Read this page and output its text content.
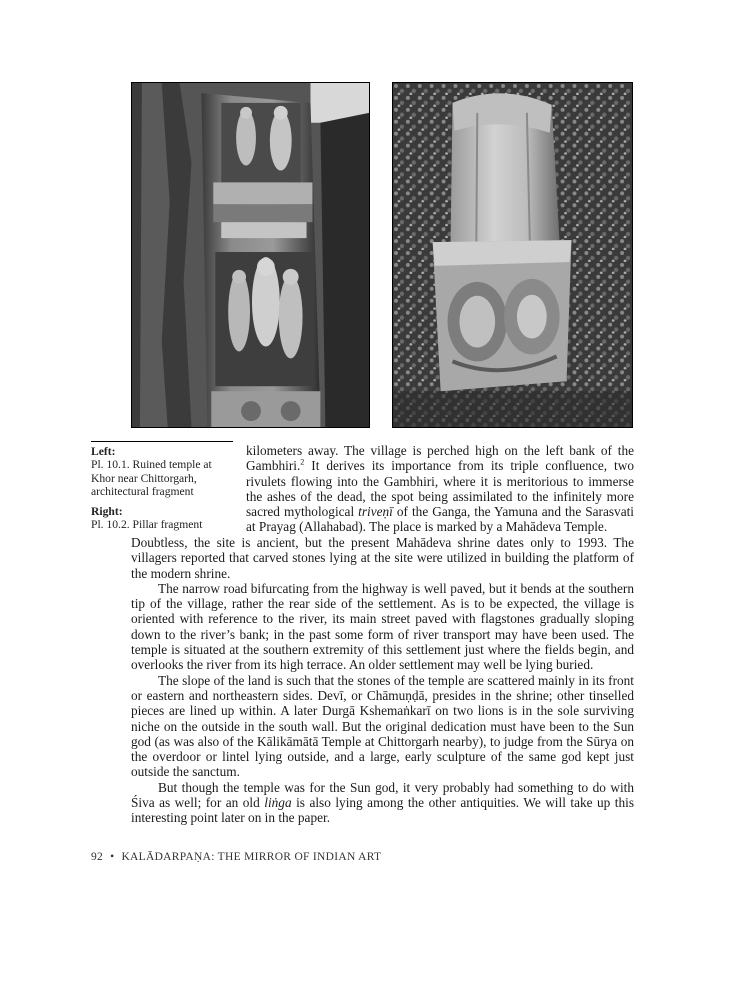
Left:
Pl. 10.1. Ruined temple at
Khor near Chittorgarh,
architectural fragment
Right:
Pl. 10.2. Pillar fragment
kilometers away. The village is perched high on the left bank of the
Gambhiri.$^2$ It derives its importance from its triple confluence, two
rivulets flowing into the Gambhiri, where it is meritorious to immerse
the ashes of the dead, the spot being assimilated to the infinitely more
sacred mythological triveṇī of the Ganga, the Yamuna and the Sarasvati
at Prayag (Allahabad). The place is marked by a Mahādeva Temple.

Doubtless, the site is ancient, but the present Mahādeva shrine dates only to 1993. The villagers reported that carved stones lying at the site were utilized in building the platform of the modern shrine.

The narrow road bifurcating from the highway is well paved, but it bends at the southern tip of the village, rather the rear side of the settlement. As is to be expected, the village is oriented with reference to the river, its main street paved with flagstones gradually sloping down to the river’s bank; in the past some form of river transport may have been used. The temple is situated at the southern extremity of this settlement just where the fields begin, and overlooks the river from its high terrace. An older settlement may well be lying buried.

The slope of the land is such that the stones of the temple are scattered mainly in its front or eastern and northeastern sides. Devī, or Chāmuṇḍā, presides in the shrine; other tinselled pieces are lined up within. A later Durgā Kshemaṅkarī on two lions is in the sole surviving niche on the outside in the south wall. But the original dedication must have been to the Sun god (as was also of the Kālikāmātā Temple at Chittorgarh nearby), to judge from the Sūrya on the overdoor or lintel lying outside, and a large, early sculpture of the same god kept just outside the sanctum.

But though the temple was for the Sun god, it very probably had something to do with Śiva as well; for an old liṅga is also lying among the other antiquities. We will take up this interesting point later on in the paper.

92 • KALĀDARPAṆA: THE MIRROR OF INDIAN ART
